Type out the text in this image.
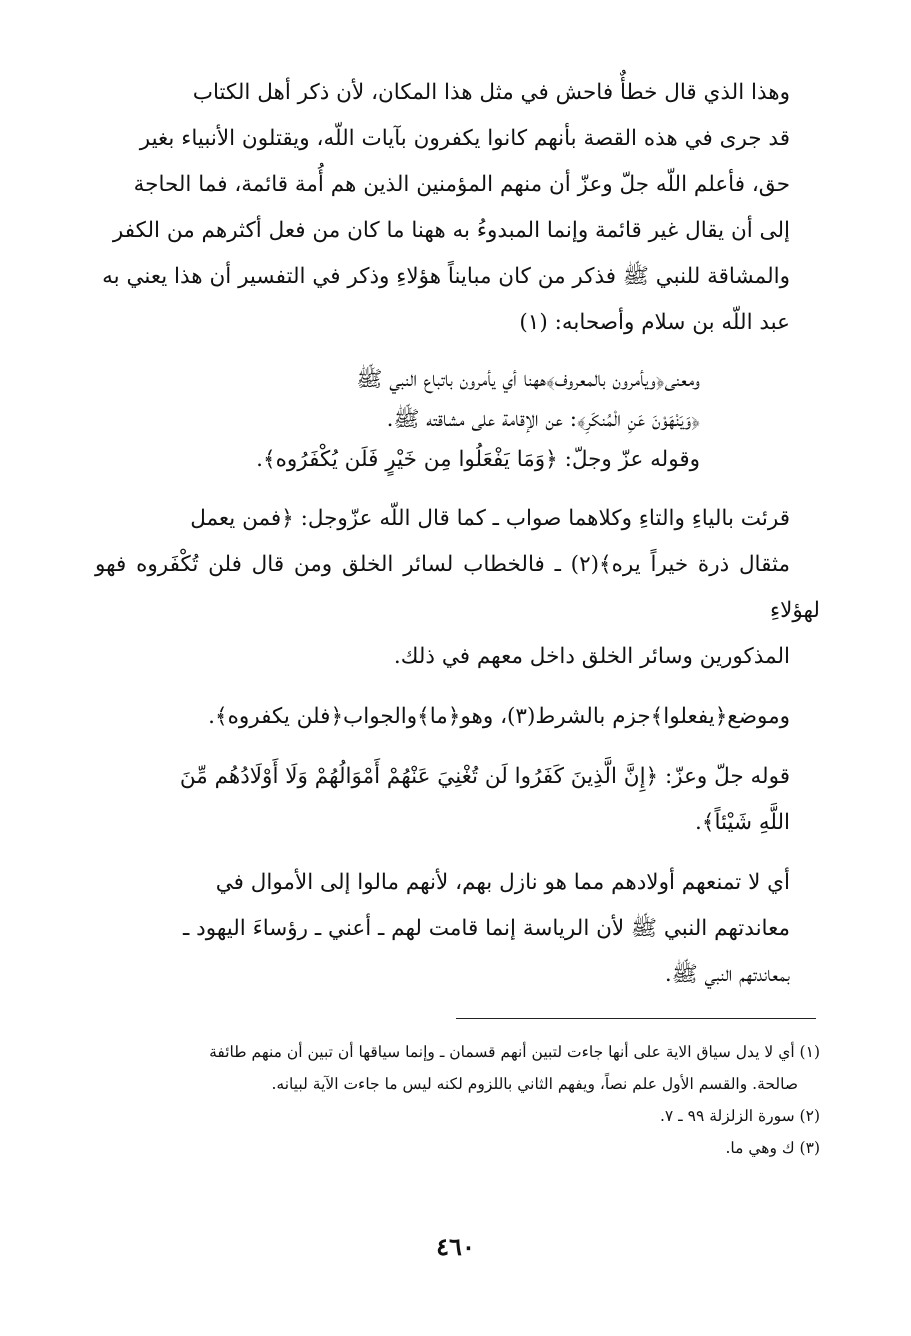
وهذا الذي قال خطأٌ فاحش في مثل هذا المكان، لأن ذكر أهل الكتاب
قد جرى في هذه القصة بأنهم كانوا يكفرون بآيات اللّه، ويقتلون الأنبياء بغير
حق، فأعلم اللّه جلّ وعزّ أن منهم المؤمنين الذين هم أُمة قائمة، فما الحاجة
إلى أن يقال غير قائمة وإنما المبدوءُ به ههنا ما كان من فعل أكثرهم من الكفر
والمشاقة للنبي ﷺ فذكر من كان مبايناً هؤلاءِ وذكر في التفسير أن هذا يعني به
عبد اللّه بن سلام وأصحابه: (١)

ومعنى﴿ويأمرون بالمعروف﴾ههنا أي يأمرون باتباع النبي ﷺ
﴿وَيَنْهَوْنَ عَنِ الْمُنكَرِ﴾: عن الإقامة على مشاقته ﷺ.
وقوله عزّ وجلّ: ﴿وَمَا يَفْعَلُوا مِن خَيْرٍ فَلَن يُكْفَرُوه﴾.

قرئت بالياءِ والتاءِ وكلاهما صواب ـ كما قال اللّه عزّوجل: ﴿فمن يعمل
مثقال ذرة خيراً يره﴾(٢) ـ فالخطاب لسائر الخلق ومن قال فلن تُكْفَروه فهو لهؤلاءِ
المذكورين وسائر الخلق داخل معهم في ذلك.

وموضع﴿يفعلوا﴾جزم بالشرط(٣)، وهو﴿ما﴾والجواب﴿فلن يكفروه﴾.

قوله جلّ وعزّ: ﴿إِنَّ الَّذِينَ كَفَرُوا لَن تُغْنِيَ عَنْهُمْ أَمْوَالُهُمْ وَلَا أَوْلَادُهُم مِّنَ
اللَّهِ شَيْئاً﴾.

أي لا تمنعهم أولادهم مما هو نازل بهم، لأنهم مالوا إلى الأموال في
معاندتهم النبي ﷺ لأن الرياسة إنما قامت لهم ـ أعني ـ رؤساءَ اليهود ـ
بمعاندتهم النبي ﷺ.

(١) أي لا يدل سياق الاية على أنها جاءت لتبين أنهم قسمان ـ وإنما سياقها أن تبين أن منهم طائفة
صالحة. والقسم الأول علم نصاً، ويفهم الثاني باللزوم لكنه ليس ما جاءت الآية لبيانه.
(٢) سورة الزلزلة ٩٩ ـ ٧.
(٣) ك وهي ما.
٤٦٠
